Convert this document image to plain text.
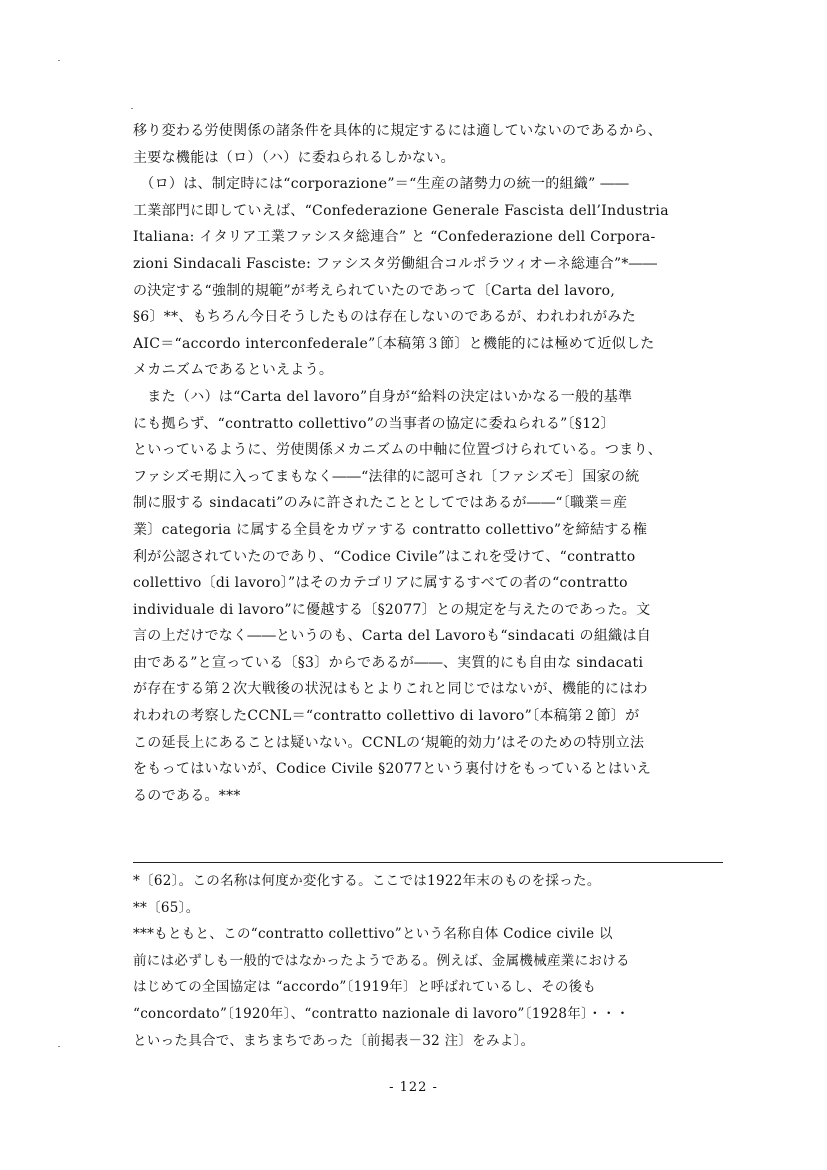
移り変わる労使関係の諸条件を具体的に規定するには適していないのであるから、
主要な機能は（ロ）（ハ）に委ねられるしかない。
　（ロ）は、制定時には“corporazione”＝“生産の諸勢力の統一的組織” ――
工業部門に即していえば、“Confederazione Generale Fascista dell’Industria
Italiana: イタリア工業ファシスタ総連合” と “Confederazione dell Corpora-
zioni Sindacali Fasciste: ファシスタ労働組合コルポラツィオーネ総連合”*――
の決定する“強制的規範”が考えられていたのであって〔Carta del lavoro,
§6〕**、もちろん今日そうしたものは存在しないのであるが、われわれがみた
AIC＝“accordo interconfederale”〔本稿第３節〕と機能的には極めて近似した
メカニズムであるといえよう。
　また（ハ）は“Carta del lavoro”自身が“給料の決定はいかなる一般的基準
にも拠らず、“contratto collettivo”の当事者の協定に委ねられる”〔§12〕
といっているように、労使関係メカニズムの中軸に位置づけられている。つまり、
ファシズモ期に入ってまもなく――“法律的に認可され〔ファシズモ〕国家の統
制に服する sindacati”のみに許されたこととしてではあるが――“〔職業＝産
業〕categoria に属する全員をカヴァする contratto collettivo”を締結する権
利が公認されていたのであり、“Codice Civile”はこれを受けて、“contratto
collettivo〔di lavoro〕”はそのカテゴリアに属するすべての者の“contratto
individuale di lavoro”に優越する〔§2077〕との規定を与えたのであった。文
言の上だけでなく――というのも、Carta del Lavoroも“sindacati の組織は自
由である”と宣っている〔§3〕からであるが――、実質的にも自由な sindacati
が存在する第２次大戦後の状況はもとよりこれと同じではないが、機能的にはわ
れわれの考察したCCNL＝“contratto collettivo di lavoro”〔本稿第２節〕が
この延長上にあることは疑いない。CCNLの‘規範的効力’はそのための特別立法
をもってはいないが、Codice Civile §2077という裏付けをもっているとはいえ
るのである。***
*〔62〕。この名称は何度か変化する。ここでは1922年末のものを採った。
**〔65〕。
***もともと、この“contratto collettivo”という名称自体 Codice civile 以
前には必ずしも一般的ではなかったようである。例えば、金属機械産業における
はじめての全国協定は “accordo”〔1919年〕と呼ばれているし、その後も
“concordato”〔1920年〕、“contratto nazionale di lavoro”〔1928年〕・・・
といった具合で、まちまちであった〔前掲表－32 注〕をみよ〕。
- 122 -
